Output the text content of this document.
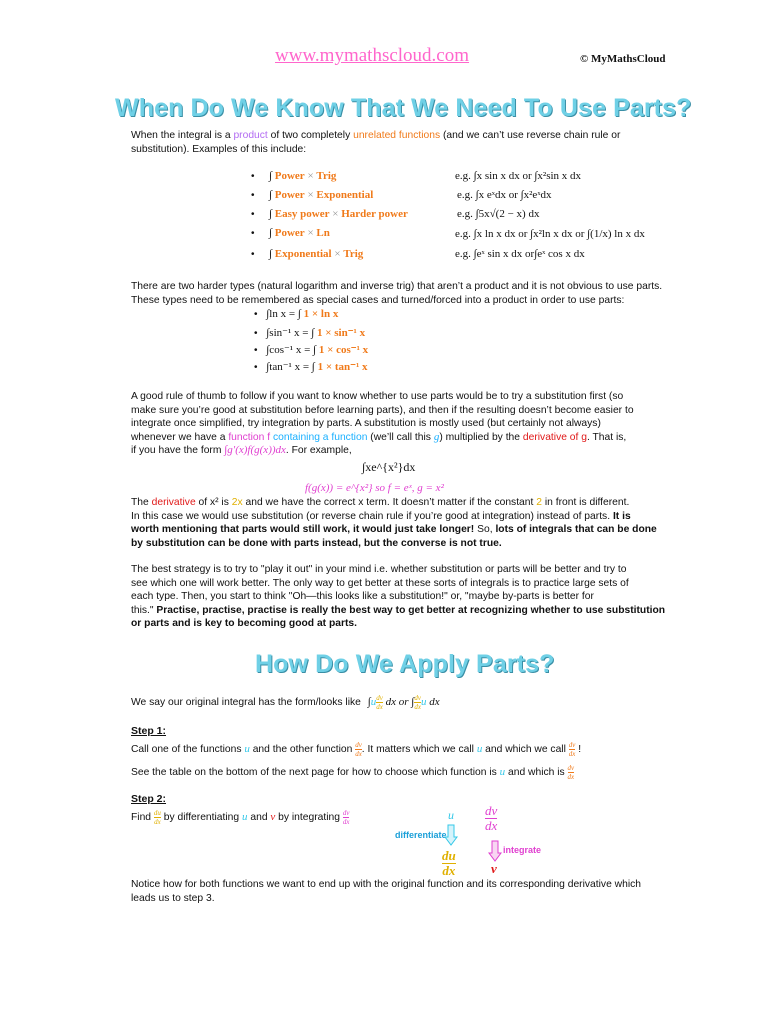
www.mymathscloud.com	© MyMathsCloud
When Do We Know That We Need To Use Parts?
When the integral is a product of two completely unrelated functions (and we can’t use reverse chain rule or
substitution). Examples of this include:
• ∫ Power × Trig	e.g. ∫x sin x dx or ∫x²sin x dx
• ∫ Power × Exponential	e.g. ∫x eˣdx or ∫x²eˣdx
• ∫ Easy power × Harder power	e.g. ∫5x√(2 − x) dx
• ∫ Power × Ln	e.g. ∫x ln x dx or ∫x²ln x dx or ∫(1/x) ln x dx
• ∫ Exponential × Trig	e.g. ∫eˣ sin x dx or∫eˣ cos x dx
There are two harder types (natural logarithm and inverse trig) that aren’t a product and it is not obvious to use parts.
These types need to be remembered as special cases and turned/forced into a product in order to use parts:
• ∫ln x = ∫ 1 × ln x
• ∫sin⁻¹ x = ∫ 1 × sin⁻¹ x
• ∫cos⁻¹ x = ∫ 1 × cos⁻¹ x
• ∫tan⁻¹ x = ∫ 1 × tan⁻¹ x
A good rule of thumb to follow if you want to know whether to use parts would be to try a substitution first (so
make sure you’re good at substitution before learning parts), and then if the resulting doesn’t become easier to
integrate once simplified, try integration by parts. A substitution is mostly used (but certainly not always)
whenever we have a function f containing a function (we’ll call this g) multiplied by the derivative of g. That is,
if you have the form ∫g′(x)f(g(x))dx. For example,
∫xe^{x²}dx
f(g(x)) = e^{x²} so f = eˣ, g = x²
The derivative of x² is 2x and we have the correct x term. It doesn’t matter if the constant 2 in front is different.
In this case we would use substitution (or reverse chain rule if you’re good at integration) instead of parts. It is
worth mentioning that parts would still work, it would just take longer! So, lots of integrals that can be done
by substitution can be done with parts instead, but the converse is not true.
The best strategy is to try to "play it out" in your mind i.e. whether substitution or parts will be better and try to
see which one will work better. The only way to get better at these sorts of integrals is to practice large sets of
each type. Then, you start to think "Oh—this looks like a substitution!" or, "maybe by-parts is better for
this." Practise, practise, practise is really the best way to get better at recognizing whether to use substitution
or parts and is key to becoming good at parts.
How Do We Apply Parts?
We say our original integral has the form/looks like $\int u \frac{dv}{dx}$ dx or ∫ $\frac{dv}{dx}$ u dx
Step 1:
Call one of the functions u and the other function $\frac{dv}{dx}$ . It matters which we call u and which we call $\frac{dv}{dx}$ !
See the table on the bottom of the next page for how to choose which function is u and which is $\frac{dv}{dx}$
Step 2:
Find $\frac{du}{dx}$ by differentiating u and v by integrating $\frac{dv}{dx}$	u
differentiate
du
dx
dv
dx
integrate
v
Notice how for both functions we want to end up with the original function and its corresponding derivative which
leads us to step 3.
